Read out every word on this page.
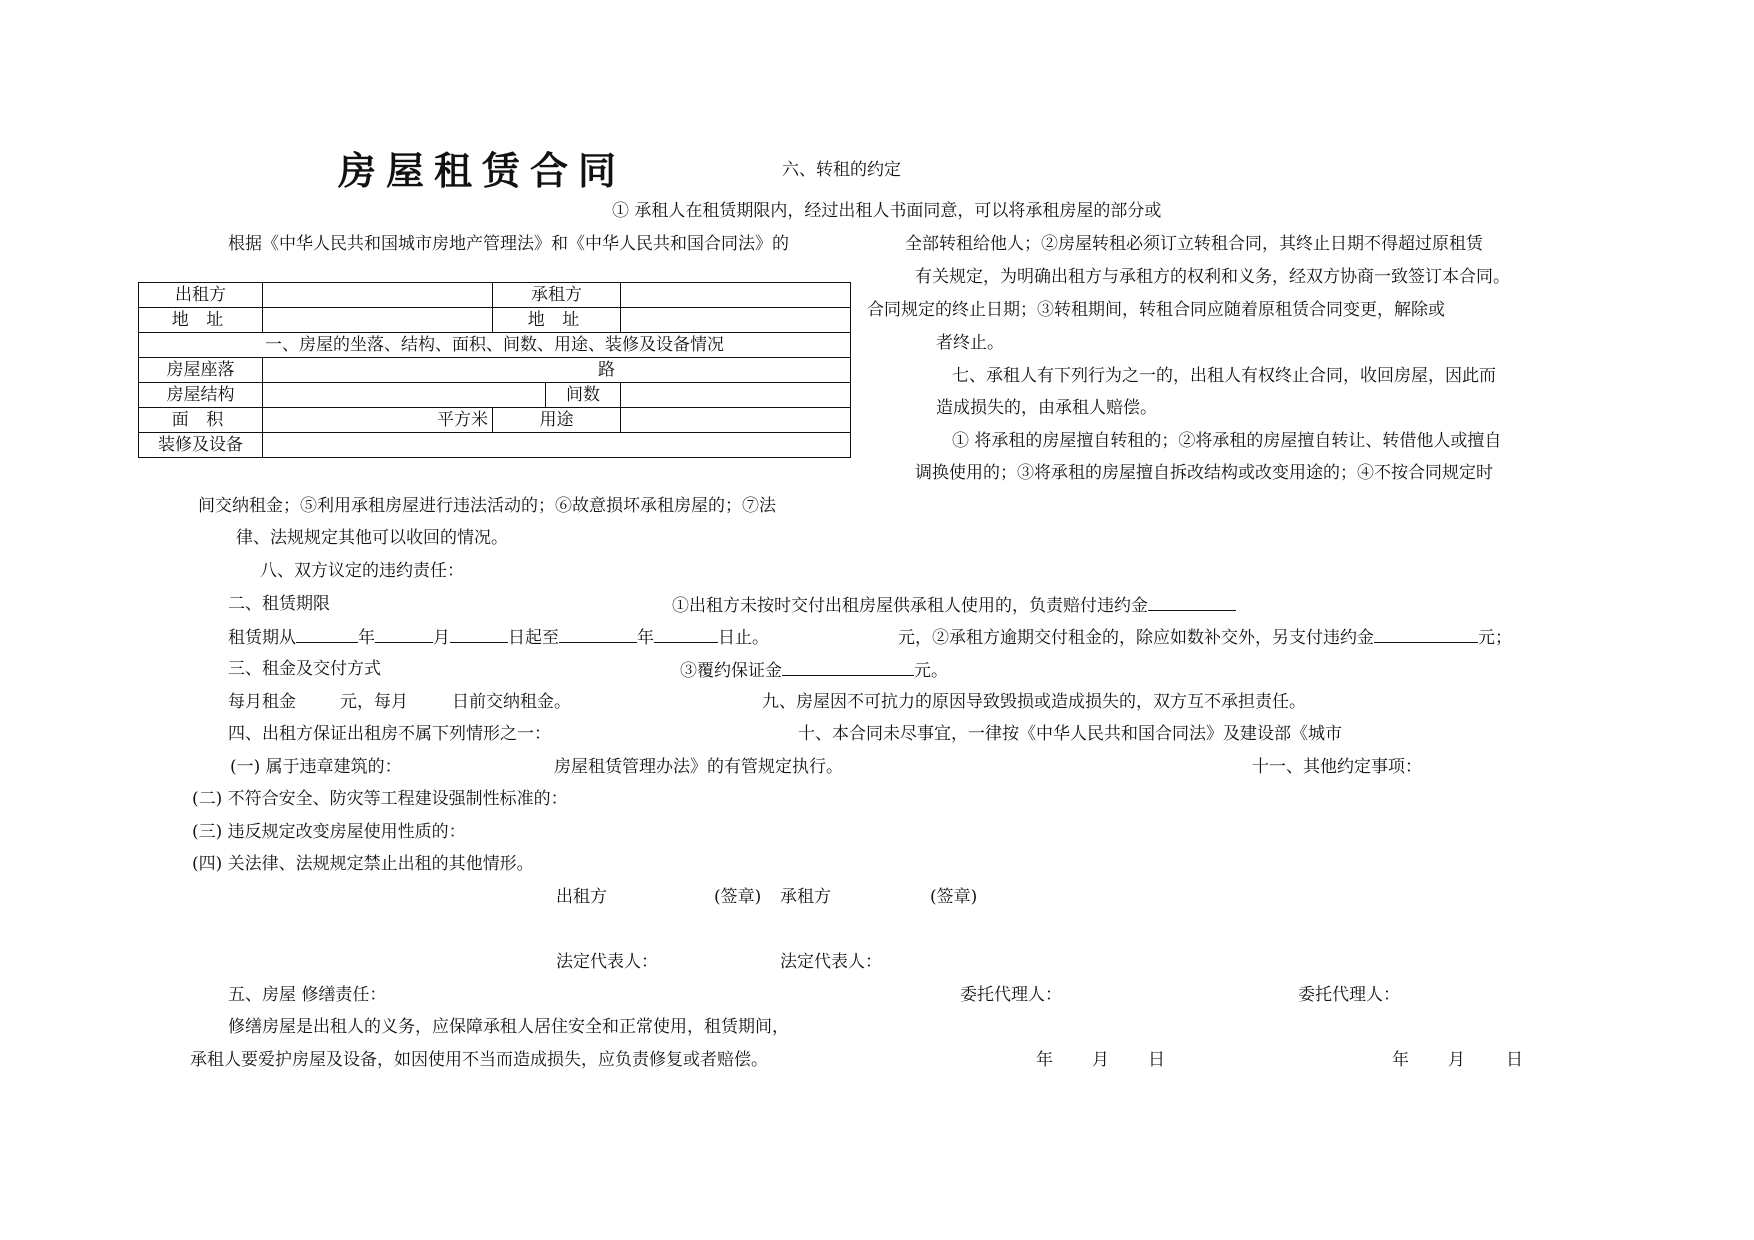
房屋租赁合同	六、转租的约定
① 承租人在租赁期限内，经过出租人书面同意，可以将承租房屋的部分或
根据《中华人民共和国城市房地产管理法》和《中华人民共和国合同法》的	全部转租给他人；②房屋转租必须订立转租合同，其终止日期不得超过原租赁
有关规定，为明确出租方与承租方的权利和义务，经双方协商一致签订本合同。
合同规定的终止日期；③转租期间，转租合同应随着原租赁合同变更，解除或
者终止。
七、承租人有下列行为之一的，出租人有权终止合同，收回房屋，因此而
造成损失的，由承租人赔偿。
① 将承租的房屋擅自转租的；②将承租的房屋擅自转让、转借他人或擅自
调换使用的；③将承租的房屋擅自拆改结构或改变用途的；④不按合同规定时
出租方		承租方	
地 址		地 址	
一、房屋的坐落、结构、面积、间数、用途、装修及设备情况			
房屋座落	路		
房屋结构	间数		

面 积	平方米	用途	
装修及设备			
间交纳租金；⑤利用承租房屋进行违法活动的；⑥故意损坏承租房屋的；⑦法
律、法规规定其他可以收回的情况。
八、双方议定的违约责任：
二、租赁期限	①出租方未按时交付出租房屋供承租人使用的，负责赔付违约金
租赁期从	年	月	日起至	年	日止。	元，②承租方逾期交付租金的，除应如数补交外，另支付违约金	元；
三、租金及交付方式	③覆约保证金	元。
每月租金	元，每月	日前交纳租金。	九、房屋因不可抗力的原因导致毁损或造成损失的，双方互不承担责任。
四、出租方保证出租房不属下列情形之一：	十、本合同未尽事宜，一律按《中华人民共和国合同法》及建设部《城市
(一) 属于违章建筑的：	房屋租赁管理办法》的有管规定执行。	十一、其他约定事项：
(二) 不符合安全、防灾等工程建设强制性标准的：
(三) 违反规定改变房屋使用性质的：
(四) 关法律、法规规定禁止出租的其他情形。
出租方	(签章) 承租方	(签章)
法定代表人：	法定代表人：
五、房屋 修缮责任：	委托代理人：	委托代理人：
修缮房屋是出租人的义务，应保障承租人居住安全和正常使用，租赁期间，
承租人要爱护房屋及设备，如因使用不当而造成损失，应负责修复或者赔偿。	年 月 日	年 月 日
